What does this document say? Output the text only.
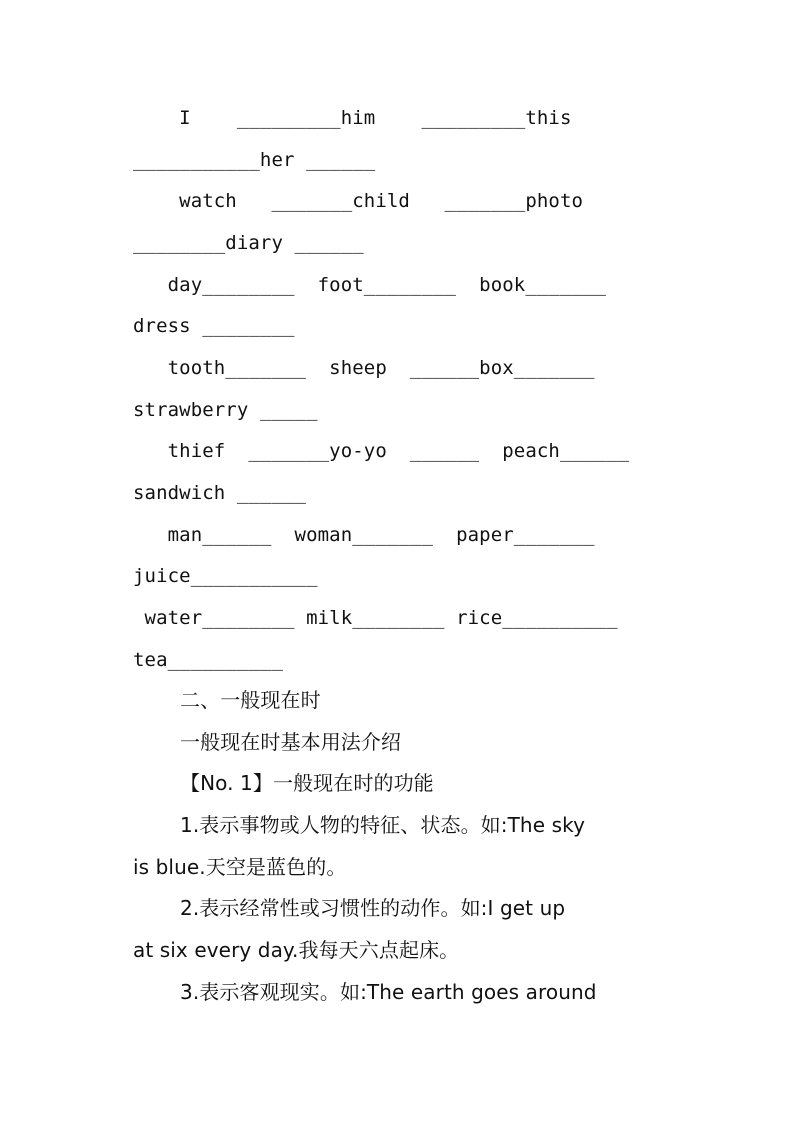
I    _________him    _________this
___________her ______
watch   _______child   _______photo
________diary ______
day________  foot________  book_______
dress ________
tooth_______  sheep  ______box_______
strawberry _____
thief  _______yo-yo  ______  peach______
sandwich ______
man______  woman_______  paper_______
juice___________
water________ milk________ rice__________
tea__________
二、一般现在时
一般现在时基本用法介绍
【No. 1】一般现在时的功能
1.表示事物或人物的特征、状态。如:The sky
is blue.天空是蓝色的。
2.表示经常性或习惯性的动作。如:I get up
at six every day.我每天六点起床。
3.表示客观现实。如:The earth goes around
